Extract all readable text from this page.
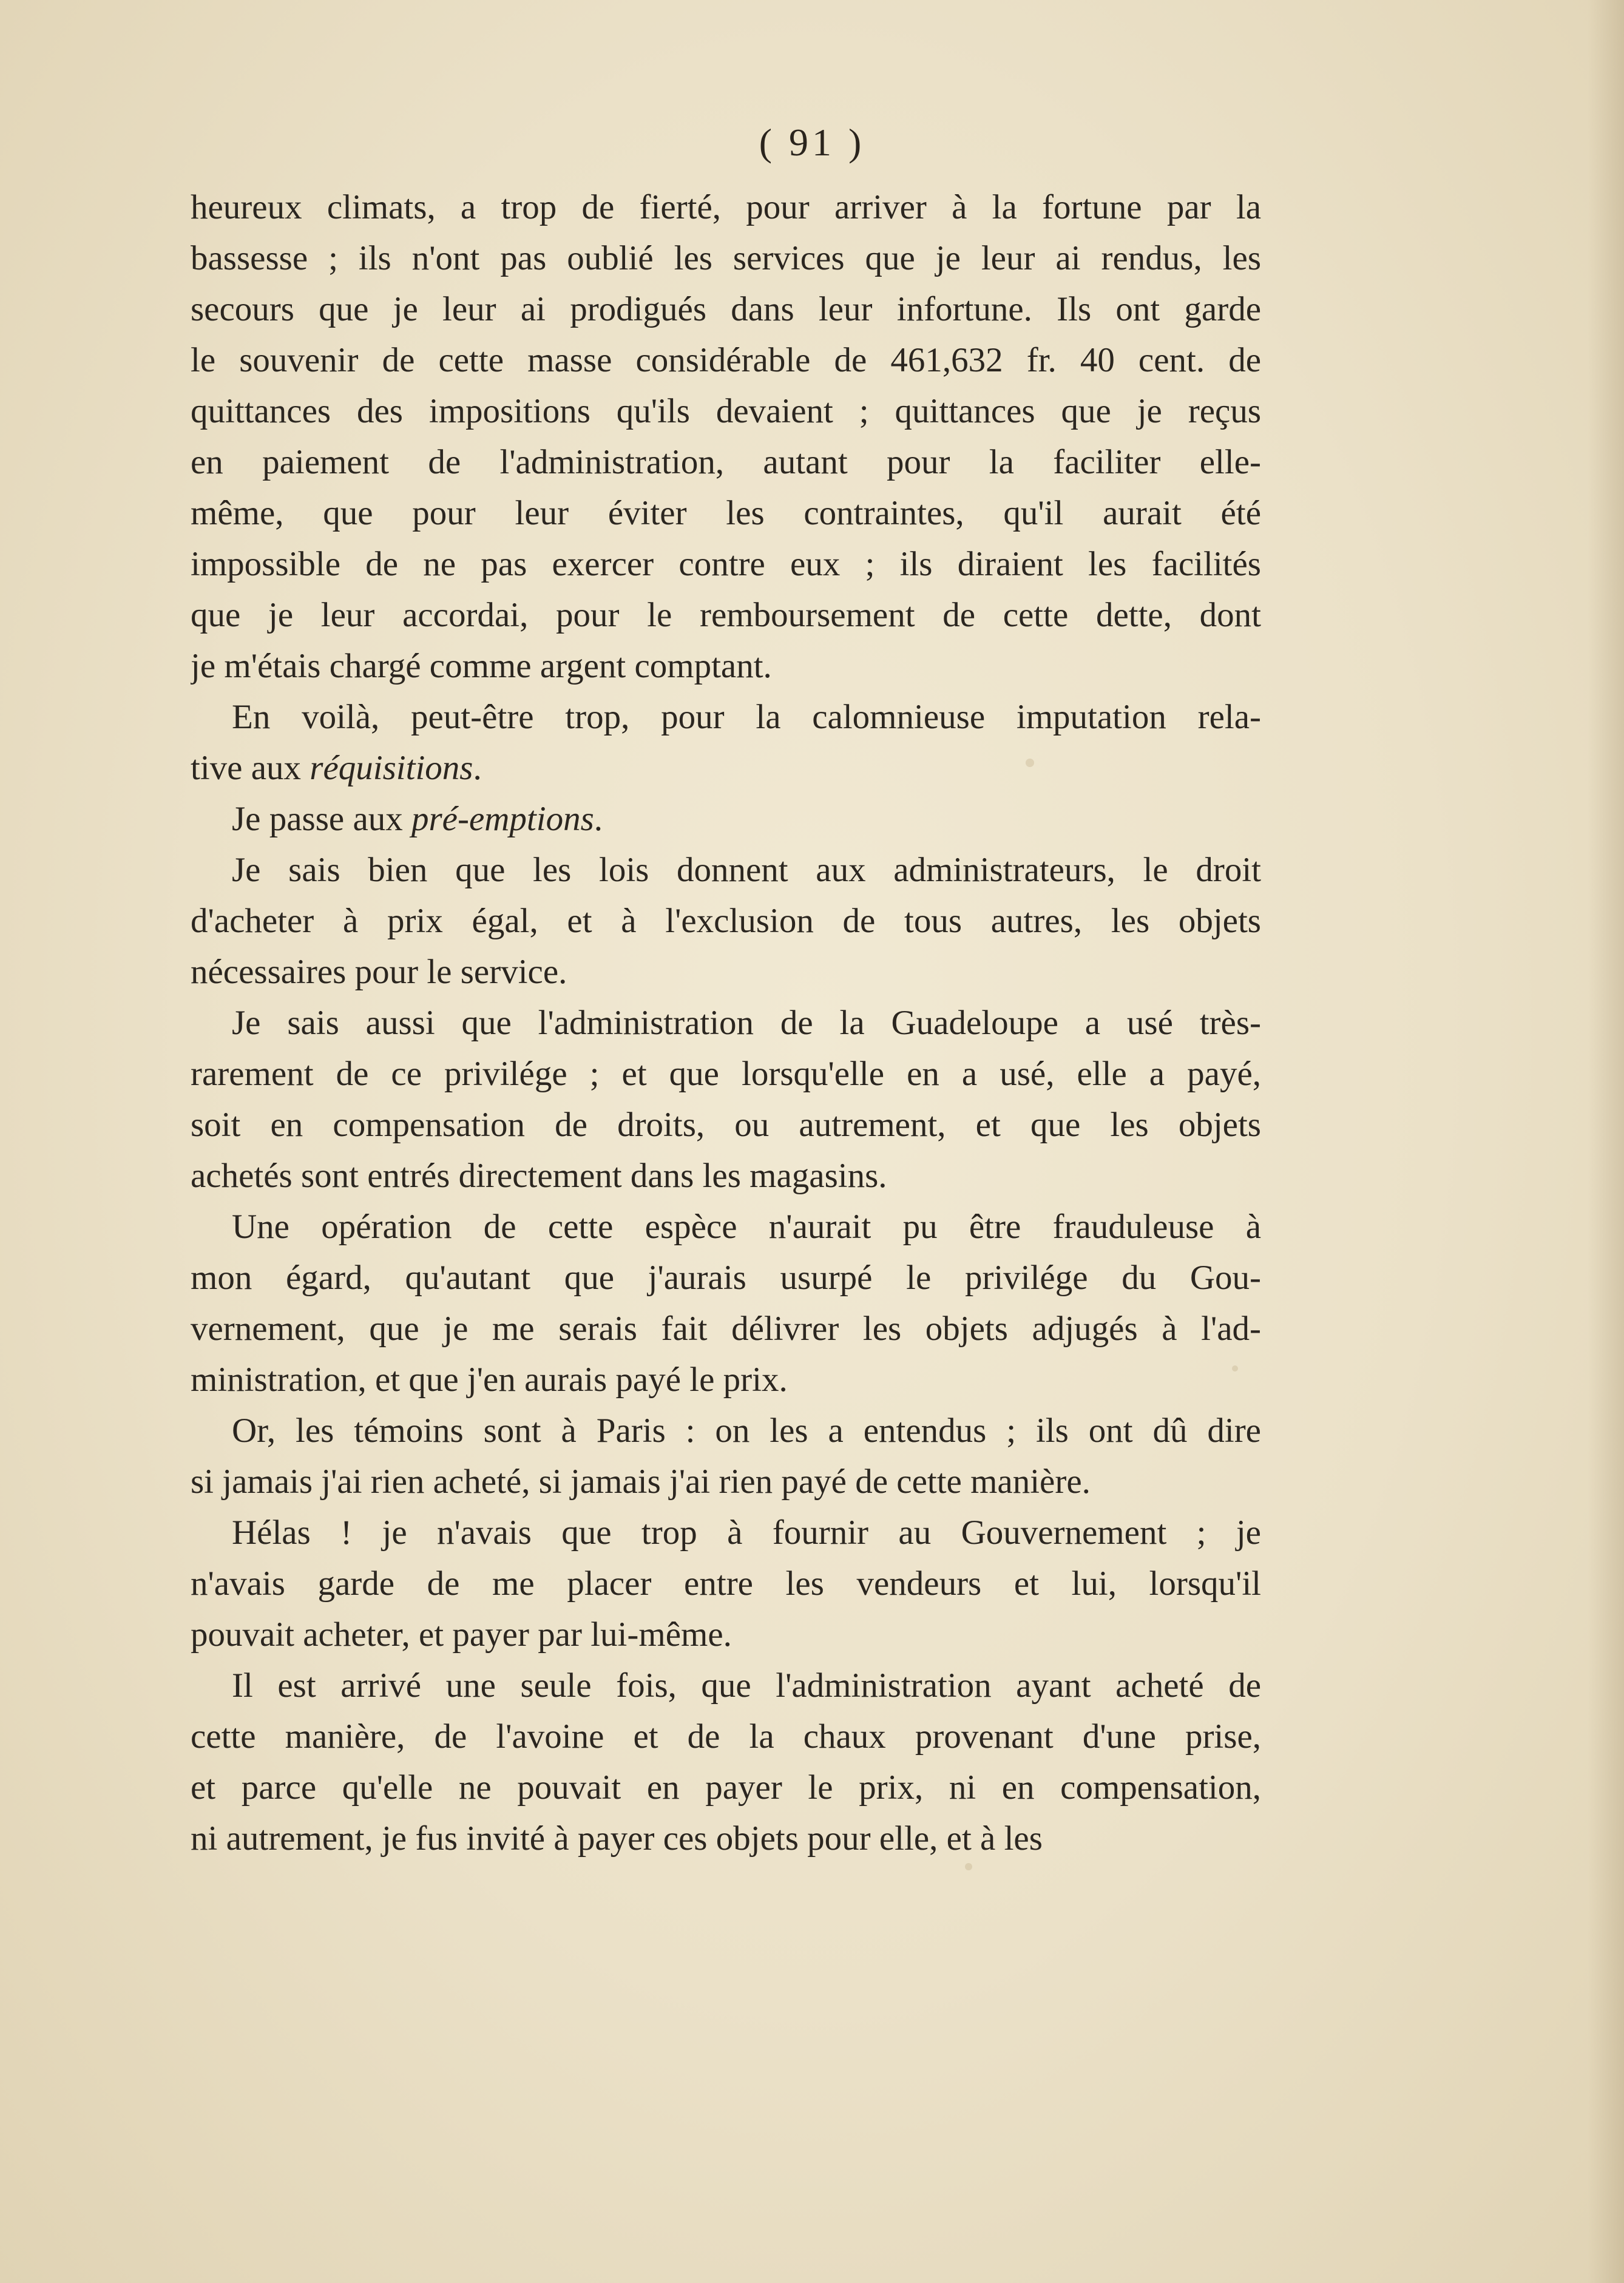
( 91 )
heureux climats, a trop de fierté, pour arriver à la fortune par la
bassesse ; ils n'ont pas oublié les services que je leur ai rendus, les
secours que je leur ai prodigués dans leur infortune. Ils ont garde
le souvenir de cette masse considérable de 461,632 fr. 40 cent. de
quittances des impositions qu'ils devaient ; quittances que je reçus
en paiement de l'administration, autant pour la faciliter elle-
même, que pour leur éviter les contraintes, qu'il aurait été
impossible de ne pas exercer contre eux ; ils diraient les facilités
que je leur accordai, pour le remboursement de cette dette, dont
je m'étais chargé comme argent comptant.
En voilà, peut-être trop, pour la calomnieuse imputation rela-
tive aux réquisitions.
Je passe aux pré-emptions.
Je sais bien que les lois donnent aux administrateurs, le droit
d'acheter à prix égal, et à l'exclusion de tous autres, les objets
nécessaires pour le service.
Je sais aussi que l'administration de la Guadeloupe a usé très-
rarement de ce privilége ; et que lorsqu'elle en a usé, elle a payé,
soit en compensation de droits, ou autrement, et que les objets
achetés sont entrés directement dans les magasins.
Une opération de cette espèce n'aurait pu être frauduleuse à
mon égard, qu'autant que j'aurais usurpé le privilége du Gou-
vernement, que je me serais fait délivrer les objets adjugés à l'ad-
ministration, et que j'en aurais payé le prix.
Or, les témoins sont à Paris : on les a entendus ; ils ont dû dire
si jamais j'ai rien acheté, si jamais j'ai rien payé de cette manière.
Hélas ! je n'avais que trop à fournir au Gouvernement ; je
n'avais garde de me placer entre les vendeurs et lui, lorsqu'il
pouvait acheter, et payer par lui-même.
Il est arrivé une seule fois, que l'administration ayant acheté de
cette manière, de l'avoine et de la chaux provenant d'une prise,
et parce qu'elle ne pouvait en payer le prix, ni en compensation,
ni autrement, je fus invité à payer ces objets pour elle, et à les
